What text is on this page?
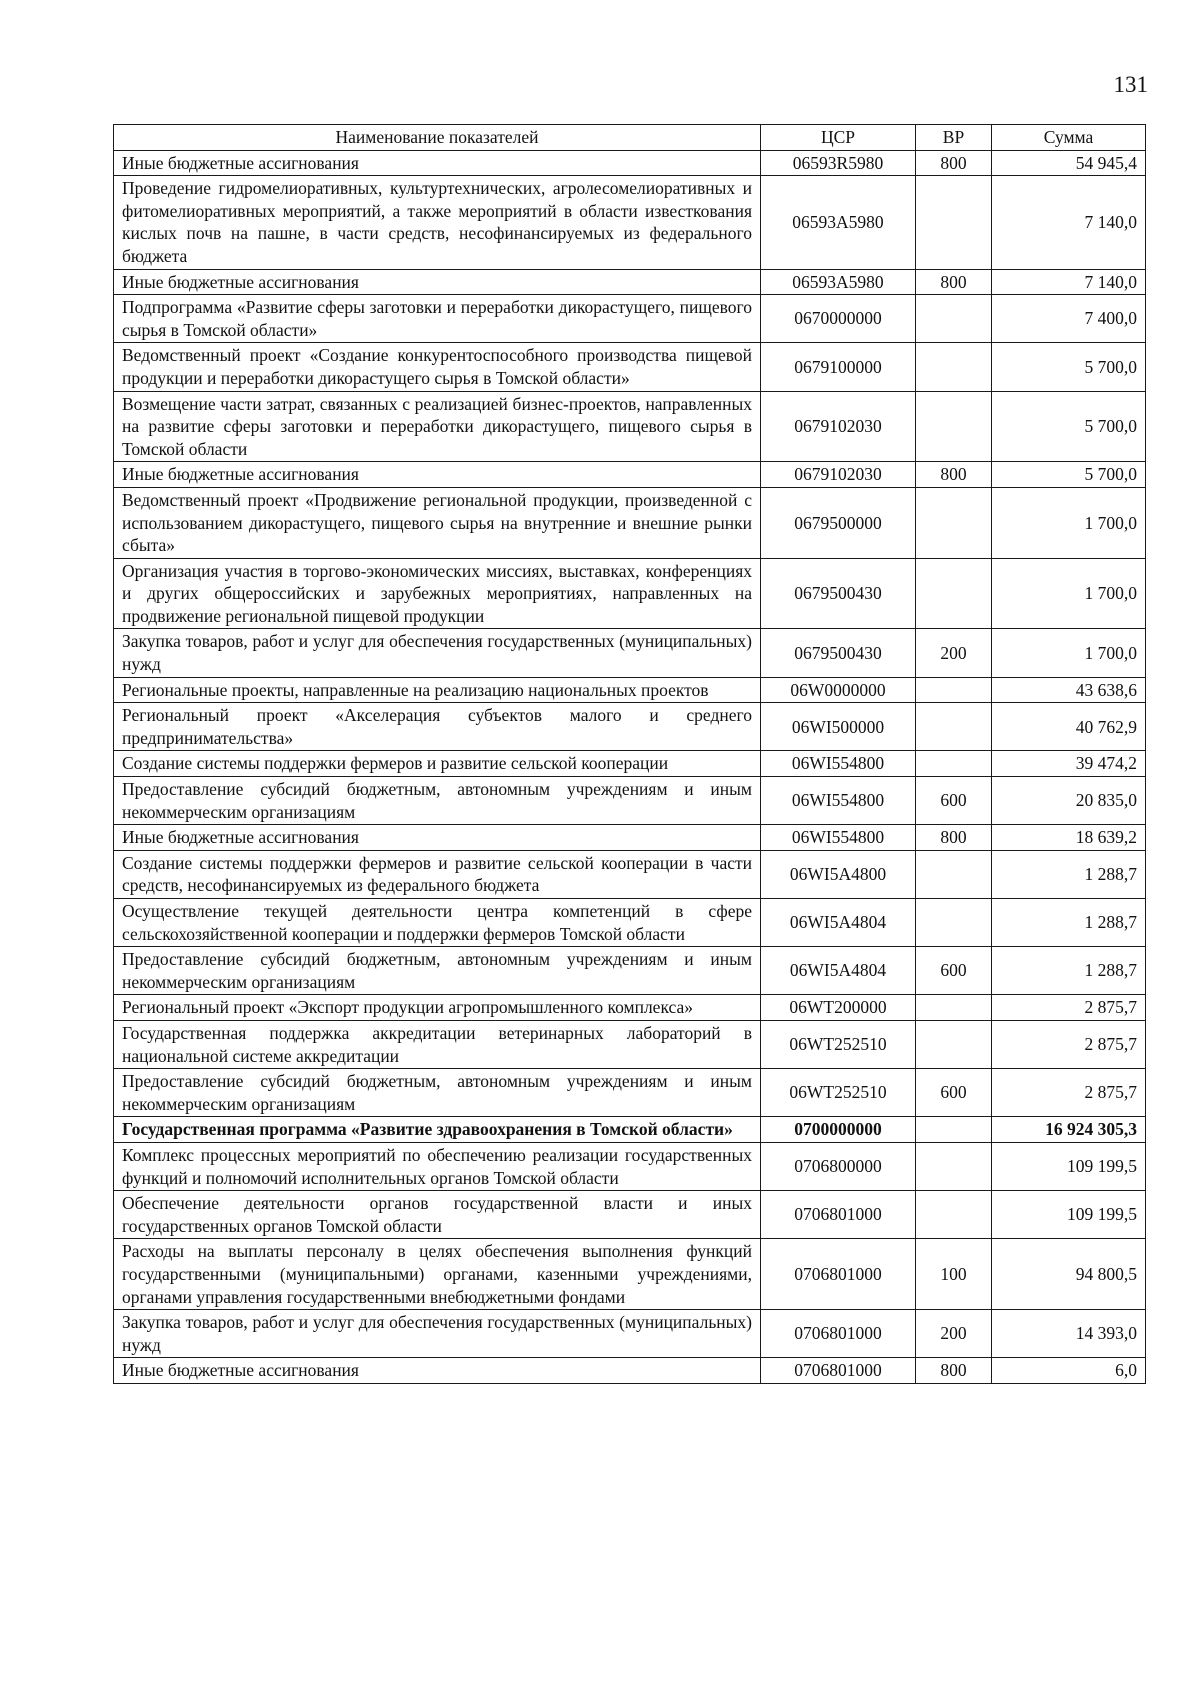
131
Наименование показателей	ЦСР	ВР	Сумма
Иные бюджетные ассигнования	06593R5980	800	54 945,4
Проведение гидромелиоративных, культуртехнических, агролесомелиоративных и фитомелиоративных мероприятий, а также мероприятий в области известкования кислых почв на пашне, в части средств, несофинансируемых из федерального бюджета	06593А5980		7 140,0
Иные бюджетные ассигнования	06593А5980	800	7 140,0
Подпрограмма «Развитие сферы заготовки и переработки дикорастущего, пищевого сырья в Томской области»	0670000000		7 400,0
Ведомственный проект «Создание конкурентоспособного производства пищевой продукции и переработки дикорастущего сырья в Томской области»	0679100000		5 700,0
Возмещение части затрат, связанных с реализацией бизнес-проектов, направленных на развитие сферы заготовки и переработки дикорастущего, пищевого сырья в Томской области	0679102030		5 700,0
Иные бюджетные ассигнования	0679102030	800	5 700,0
Ведомственный проект «Продвижение региональной продукции, произведенной с использованием дикорастущего, пищевого сырья на внутренние и внешние рынки сбыта»	0679500000		1 700,0
Организация участия в торгово-экономических миссиях, выставках, конференциях и других общероссийских и зарубежных мероприятиях, направленных на продвижение региональной пищевой продукции	0679500430		1 700,0
Закупка товаров, работ и услуг для обеспечения государственных (муниципальных) нужд	0679500430	200	1 700,0
Региональные проекты, направленные на реализацию национальных проектов	06W0000000		43 638,6
Региональный проект «Акселерация субъектов малого и среднего предпринимательства»	06WI500000		40 762,9
Создание системы поддержки фермеров и развитие сельской кооперации	06WI554800		39 474,2
Предоставление субсидий бюджетным, автономным учреждениям и иным некоммерческим организациям	06WI554800	600	20 835,0
Иные бюджетные ассигнования	06WI554800	800	18 639,2
Создание системы поддержки фермеров и развитие сельской кооперации в части средств, несофинансируемых из федерального бюджета	06WI5A4800		1 288,7
Осуществление текущей деятельности центра компетенций в сфере сельскохозяйственной кооперации и поддержки фермеров Томской области	06WI5A4804		1 288,7
Предоставление субсидий бюджетным, автономным учреждениям и иным некоммерческим организациям	06WI5A4804	600	1 288,7
Региональный проект «Экспорт продукции агропромышленного комплекса»	06WT200000		2 875,7
Государственная поддержка аккредитации ветеринарных лабораторий в национальной системе аккредитации	06WT252510		2 875,7
Предоставление субсидий бюджетным, автономным учреждениям и иным некоммерческим организациям	06WT252510	600	2 875,7
Государственная программа «Развитие здравоохранения в Томской области»	0700000000		16 924 305,3
Комплекс процессных мероприятий по обеспечению реализации государственных функций и полномочий исполнительных органов Томской области	0706800000		109 199,5
Обеспечение деятельности органов государственной власти и иных государственных органов Томской области	0706801000		109 199,5
Расходы на выплаты персоналу в целях обеспечения выполнения функций государственными (муниципальными) органами, казенными учреждениями, органами управления государственными внебюджетными фондами	0706801000	100	94 800,5
Закупка товаров, работ и услуг для обеспечения государственных (муниципальных) нужд	0706801000	200	14 393,0
Иные бюджетные ассигнования	0706801000	800	6,0
